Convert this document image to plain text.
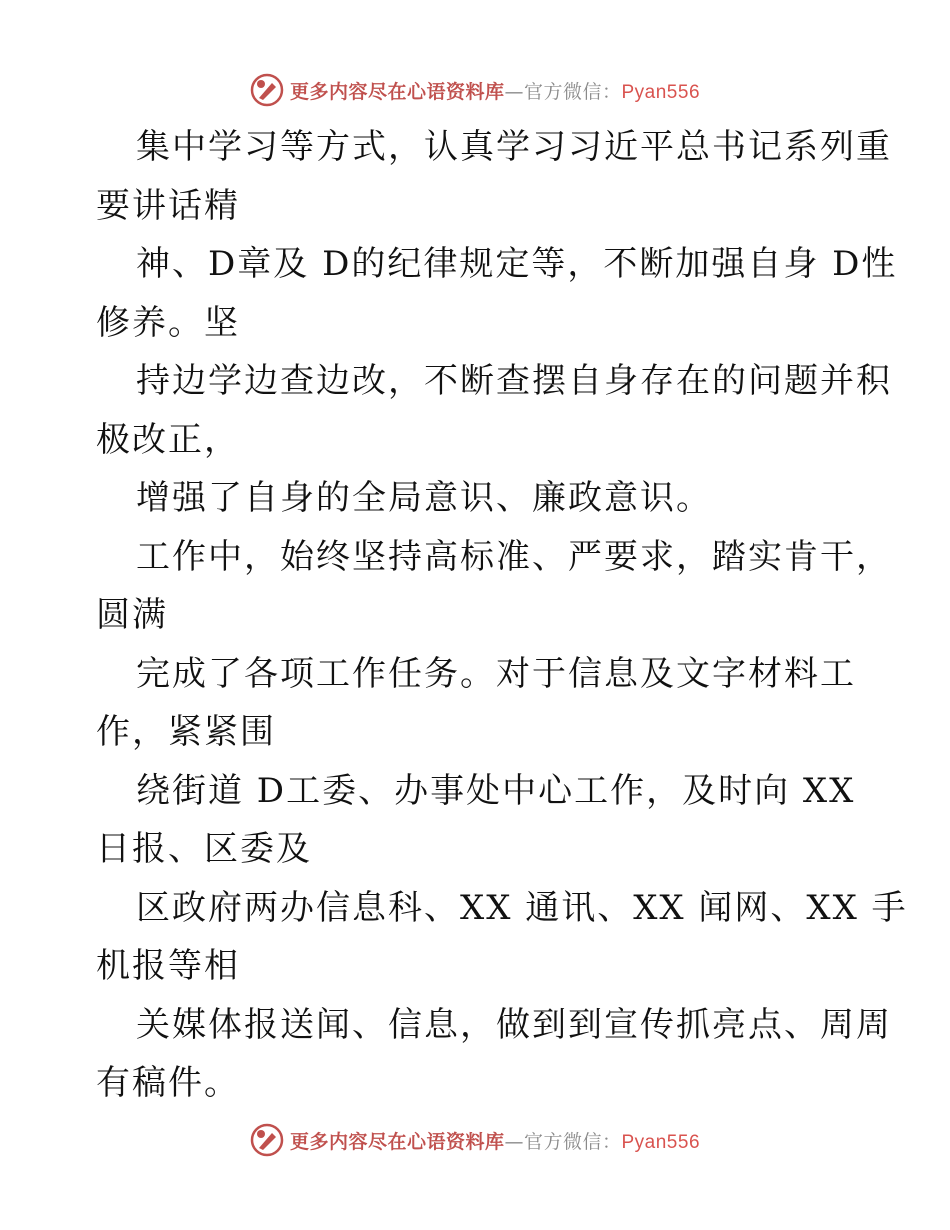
更多内容尽在心语资料库—官方微信：Pyan556

集中学习等方式，认真学习习近平总书记系列重
要讲话精

神、D章及 D的纪律规定等，不断加强自身 D性
修养。坚

持边学边查边改，不断查摆自身存在的问题并积
极改正，

增强了自身的全局意识、廉政意识。

工作中，始终坚持高标准、严要求，踏实肯干，
圆满

完成了各项工作任务。对于信息及文字材料工
作，紧紧围

绕街道 D工委、办事处中心工作，及时向 XX
日报、区委及

区政府两办信息科、XX 通讯、XX 闻网、XX 手
机报等相

关媒体报送闻、信息，做到到宣传抓亮点、周周
有稿件。

更多内容尽在心语资料库—官方微信：Pyan556
